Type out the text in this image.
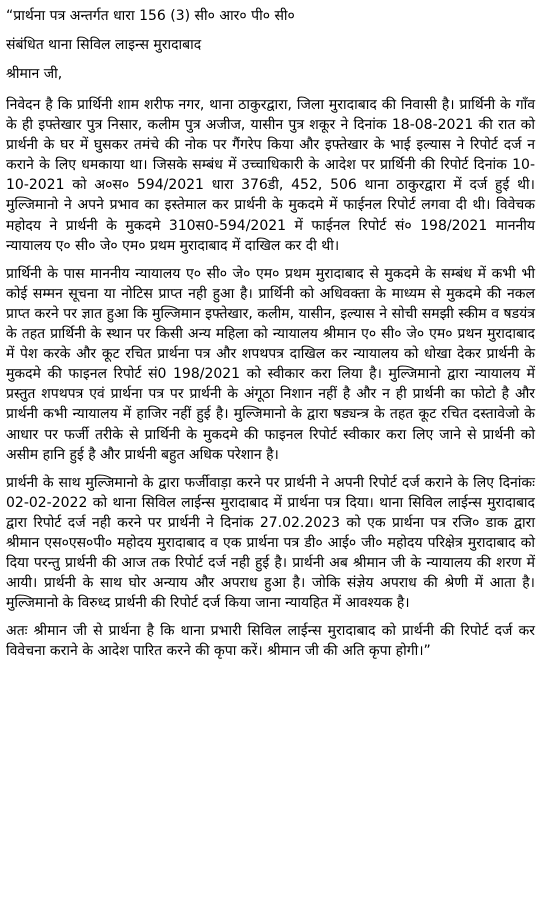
“प्रार्थना पत्र अन्तर्गत धारा 156 (3) सी० आर० पी० सी०
संबंधित थाना सिविल लाइन्स मुरादाबाद
श्रीमान जी,

निवेदन है कि प्रार्थिनी शाम शरीफ नगर, थाना ठाकुरद्वारा, जिला मुरादाबाद की निवासी है। प्रार्थिनी के गाँव के ही इफ्तेखार पुत्र निसार, कलीम पुत्र अजीज, यासीन पुत्र शकूर ने दिनांक 18-08-2021 की रात को प्रार्थनी के घर में घुसकर तमंचे की नोक पर गैंगरेप किया और इफ्तेखार के भाई इल्यास ने रिपोर्ट दर्ज न कराने के लिए धमकाया था। जिसके सम्बंध में उच्चाधिकारी के आदेश पर प्रार्थिनी की रिपोर्ट दिनांक 10-10-2021 को अ०स० 594/2021 धारा 376डी, 452, 506 थाना ठाकुरद्वारा में दर्ज हुई थी। मुल्जिमानो ने अपने प्रभाव का इस्तेमाल कर प्रार्थनी के मुकदमे में फाईनल रिपोर्ट लगवा दी थी। विवेचक महोदय ने प्रार्थनी के मुकदमे 310स0-594/2021 में फाईनल रिपोर्ट सं० 198/2021 माननीय न्यायालय ए० सी० जे० एम० प्रथम मुरादाबाद में दाखिल कर दी थी।

प्रार्थिनी के पास माननीय न्यायालय ए० सी० जे० एम० प्रथम मुरादाबाद से मुकदमे के सम्बंध में कभी भी कोई सम्मन सूचना या नोटिस प्राप्त नही हुआ है। प्रार्थिनी को अधिवक्ता के माध्यम से मुकदमे की नकल प्राप्त करने पर ज्ञात हुआ कि मुल्जिमान इफ्तेखार, कलीम, यासीन, इल्यास ने सोची समझी स्कीम व षडयंत्र के तहत प्रार्थिनी के स्थान पर किसी अन्य महिला को न्यायालय श्रीमान ए० सी० जे० एम० प्रथन मुरादाबाद में पेश करके और कूट रचित प्रार्थना पत्र और शपथपत्र दाखिल कर न्यायालय को धोखा देकर प्रार्थनी के मुकदमे की फाइनल रिपोर्ट सं0 198/2021 को स्वीकार करा लिया है। मुल्जिमानो द्वारा न्यायालय में प्रस्तुत शपथपत्र एवं प्रार्थना पत्र पर प्रार्थनी के अंगूठा निशान नहीं है और न ही प्रार्थनी का फोटो है और प्रार्थनी कभी न्यायालय में हाजिर नहीं हुई है। मुल्जिमानो के द्वारा षड्यन्त्र के तहत कूट रचित दस्तावेजो के आधार पर फर्जी तरीके से प्रार्थिनी के मुकदमे की फाइनल रिपोर्ट स्वीकार करा लिए जाने से प्रार्थनी को असीम हानि हुई है और प्रार्थनी बहुत अधिक परेशान है।

प्रार्थनी के साथ मुल्जिमानो के द्वारा फर्जीवाड़ा करने पर प्रार्थनी ने अपनी रिपोर्ट दर्ज कराने के लिए दिनांकः 02-02-2022 को थाना सिविल लाईन्स मुरादाबाद में प्रार्थना पत्र दिया। थाना सिविल लाईन्स मुरादाबाद द्वारा रिपोर्ट दर्ज नही करने पर प्रार्थनी ने दिनांक 27.02.2023 को एक प्रार्थना पत्र रजि० डाक द्वारा श्रीमान एस०एस०पी० महोदय मुरादाबाद व एक प्रार्थना पत्र डी० आई० जी० महोदय परिक्षेत्र मुरादाबाद को दिया परन्तु प्रार्थनी की आज तक रिपोर्ट दर्ज नही हुई है। प्रार्थनी अब श्रीमान जी के न्यायालय की शरण में आयी। प्रार्थनी के साथ घोर अन्याय और अपराध हुआ है। जोकि संज्ञेय अपराध की श्रेणी में आता है। मुल्जिमानो के विरुध्द प्रार्थनी की रिपोर्ट दर्ज किया जाना न्यायहित में आवश्यक है।

अतः श्रीमान जी से प्रार्थना है कि थाना प्रभारी सिविल लाईन्स मुरादाबाद को प्रार्थनी की रिपोर्ट दर्ज कर विवेचना कराने के आदेश पारित करने की कृपा करें। श्रीमान जी की अति कृपा होगी।”
